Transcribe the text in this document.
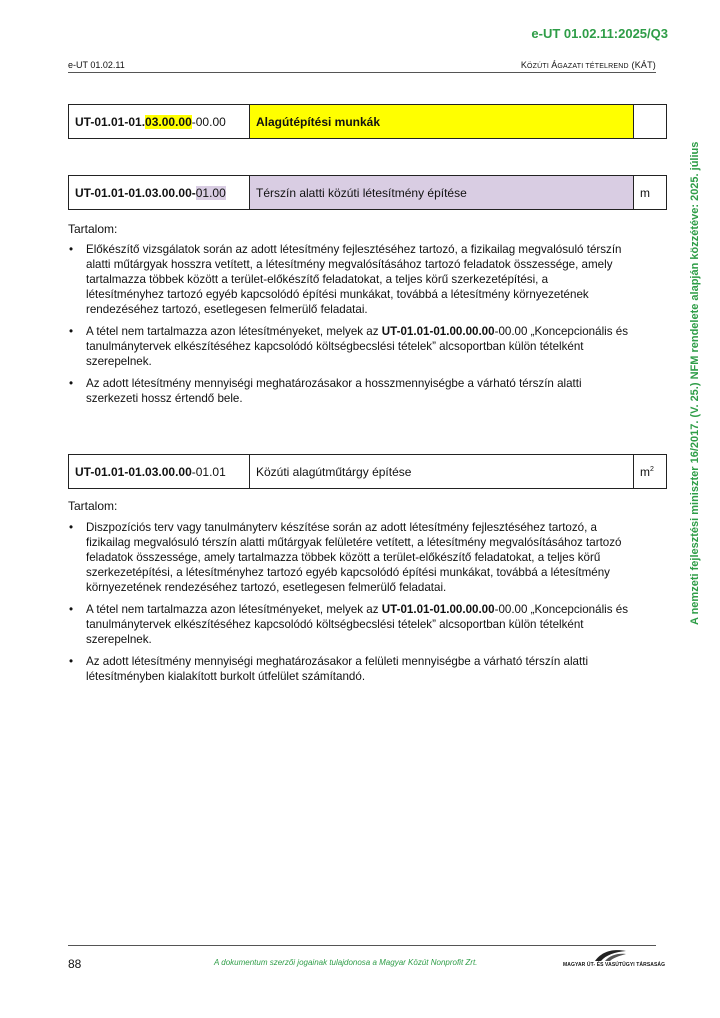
e-UT 01.02.11:2025/Q3
e-UT 01.02.11	KÖZÚTI ÁGAZATI TÉTELREND (KÁT)
A nemzeti fejlesztési miniszter 16/2017. (V. 25.) NFM rendelete alapján közzétéve: 2025. július
UT-01.01-01.03.00.00-00.00	Alagútépítési munkák	
UT-01.01-01.03.00.00-01.00	Térszín alatti közúti létesítmény építése	m
Tartalom:
• Előkészítő vizsgálatok során az adott létesítmény fejlesztéséhez tartozó, a fizikailag megvalósuló térszín alatti műtárgyak hosszra vetített, a létesítmény megvalósításához tartozó feladatok összessége, amely tartalmazza többek között a terület-előkészítő feladatokat, a teljes körű szerkezetépítési, a létesítményhez tartozó egyéb kapcsolódó építési munkákat, továbbá a létesítmény környezetének rendezéséhez tartozó, esetlegesen felmerülő feladatai.
• A tétel nem tartalmazza azon létesítményeket, melyek az UT-01.01-01.00.00.00-00.00 „Koncepcionális és tanulmánytervek elkészítéséhez kapcsolódó költségbecslési tételek” alcsoportban külön tételként szerepelnek.
• Az adott létesítmény mennyiségi meghatározásakor a hosszmennyiségbe a várható térszín alatti szerkezeti hossz értendő bele.
UT-01.01-01.03.00.00-01.01	Közúti alagútműtárgy építése	$m^2$
Tartalom:
• Diszpozíciós terv vagy tanulmányterv készítése során az adott létesítmény fejlesztéséhez tartozó, a fizikailag megvalósuló térszín alatti műtárgyak felületére vetített, a létesítmény megvalósításához tartozó feladatok összessége, amely tartalmazza többek között a terület-előkészítő feladatokat, a teljes körű szerkezetépítési, a létesítményhez tartozó egyéb kapcsolódó építési munkákat, továbbá a létesítmény környezetének rendezéséhez tartozó, esetlegesen felmerülő feladatai.
• A tétel nem tartalmazza azon létesítményeket, melyek az UT-01.01-01.00.00.00-00.00 „Koncepcionális és tanulmánytervek elkészítéséhez kapcsolódó költségbecslési tételek” alcsoportban külön tételként szerepelnek.
• Az adott létesítmény mennyiségi meghatározásakor a felületi mennyiségbe a várható térszín alatti létesítményben kialakított burkolt útfelület számítandó.
88	A dokumentum szerzői jogainak tulajdonosa a Magyar Közút Nonprofit Zrt.	MAGYAR ÚT- ÉS VASÚTÜGYI TÁRSASÁG
